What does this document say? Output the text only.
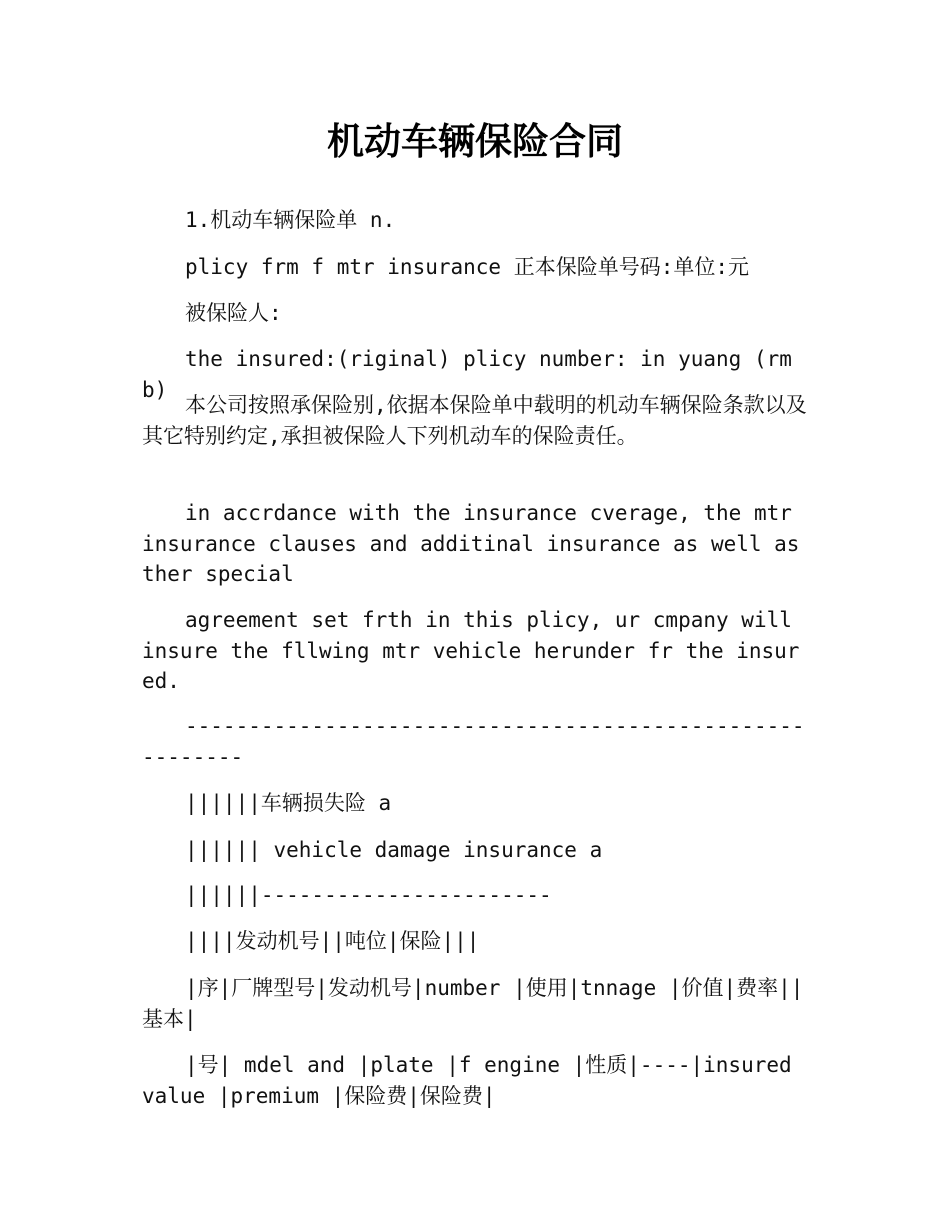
机动车辆保险合同

1.机动车辆保险单 n.

plicy frm f mtr insurance 正本保险单号码:单位:元

被保险人:

the insured:(riginal) plicy number: in yuang (rmb)

本公司按照承保险别,依据本保险单中载明的机动车辆保险条款以及其它特别约定,承担被保险人下列机动车的保险责任。

in accrdance with the insurance cverage, the mtr insurance clauses and additinal insurance as well as ther special

agreement set frth in this plicy, ur cmpany will insure the fllwing mtr vehicle herunder fr the insured.

---------------------------------------------------------

||||||车辆损失险 a

|||||| vehicle damage insurance a

||||||-----------------------

||||发动机号||吨位|保险|||

|序|厂牌型号|发动机号|number |使用|tnnage |价值|费率||基本|

|号| mdel and |plate |f engine |性质|----|insured value |premium |保险费|保险费|
